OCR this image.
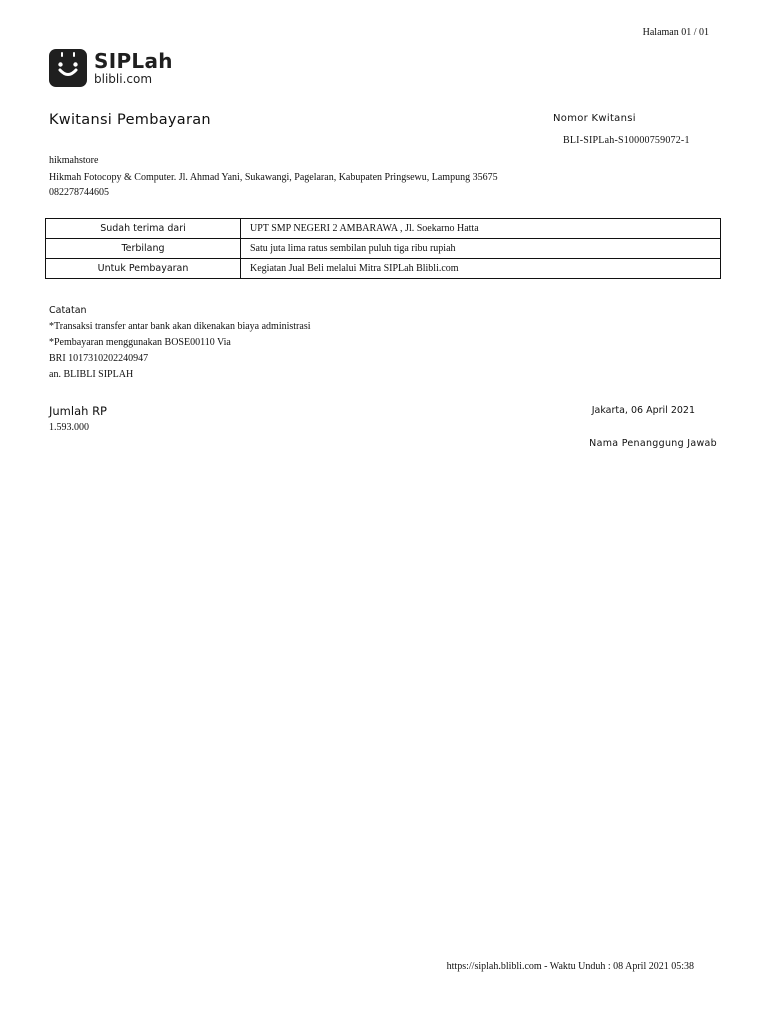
Halaman 01 / 01
SIPLah
blibli.com
Kwitansi Pembayaran	Nomor Kwitansi
BLI-SIPLah-S10000759072-1
hikmahstore
Hikmah Fotocopy & Computer. Jl. Ahmad Yani, Sukawangi, Pagelaran, Kabupaten Pringsewu, Lampung 35675
082278744605
Sudah terima dari	UPT SMP NEGERI 2 AMBARAWA , Jl. Soekarno Hatta
Terbilang	Satu juta lima ratus sembilan puluh tiga ribu rupiah
Untuk Pembayaran	Kegiatan Jual Beli melalui Mitra SIPLah Blibli.com
Catatan
*Transaksi transfer antar bank akan dikenakan biaya administrasi
*Pembayaran menggunakan BOSE00110 Via
BRI 1017310202240947
an. BLIBLI SIPLAH
Jumlah RP
1.593.000
Jakarta, 06 April 2021
Nama Penanggung Jawab
https://siplah.blibli.com - Waktu Unduh : 08 April 2021 05:38
